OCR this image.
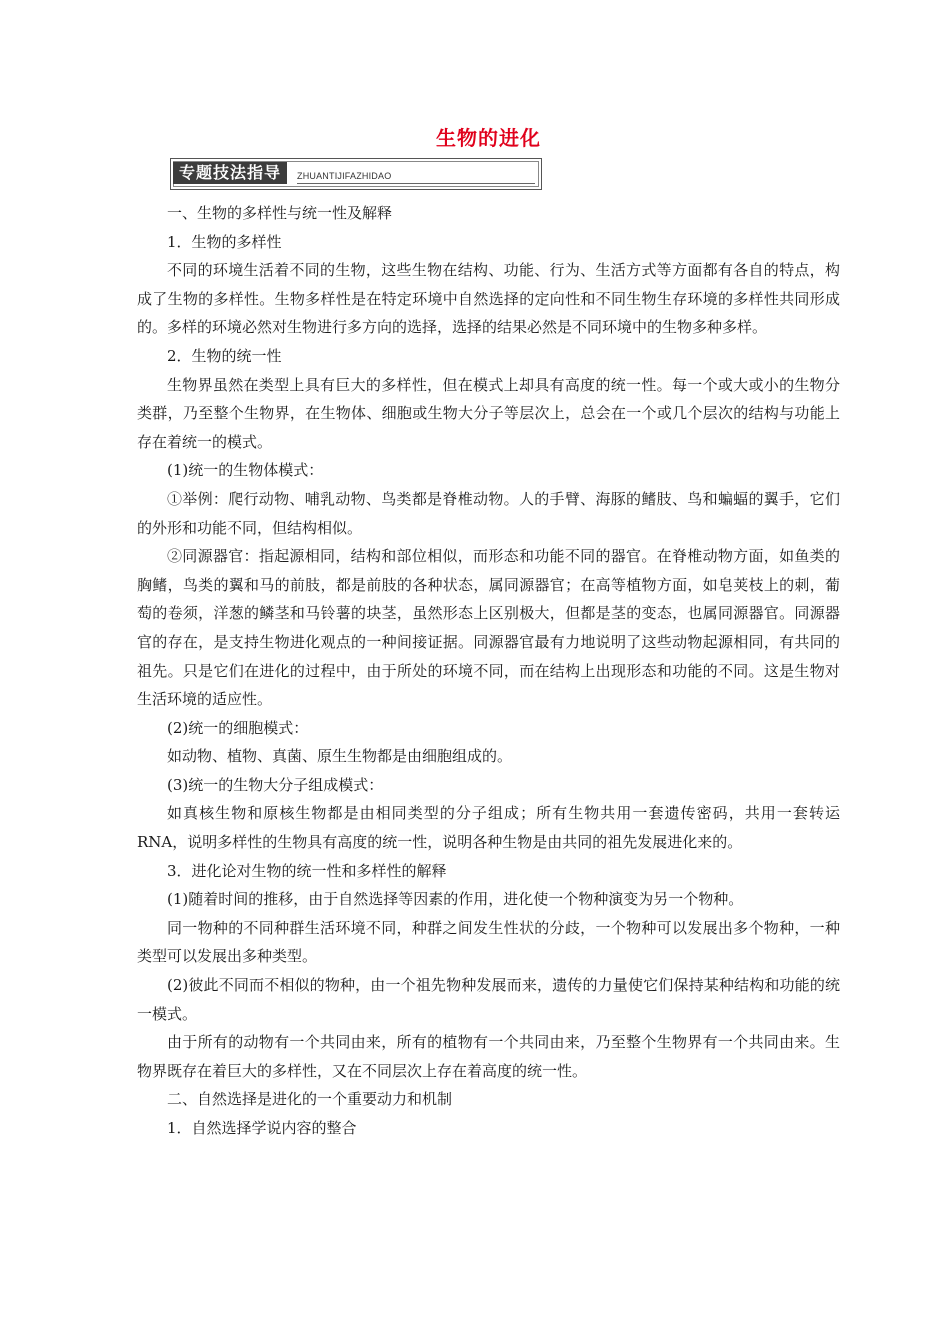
生物的进化
专题技法指导	ZHUANTIJIFAZHIDAO

一、生物的多样性与统一性及解释

1．生物的多样性

不同的环境生活着不同的生物，这些生物在结构、功能、行为、生活方式等方面都有各自的特点，构成了生物的多样性。生物多样性是在特定环境中自然选择的定向性和不同生物生存环境的多样性共同形成的。多样的环境必然对生物进行多方向的选择，选择的结果必然是不同环境中的生物多种多样。

2．生物的统一性

生物界虽然在类型上具有巨大的多样性，但在模式上却具有高度的统一性。每一个或大或小的生物分类群，乃至整个生物界，在生物体、细胞或生物大分子等层次上，总会在一个或几个层次的结构与功能上存在着统一的模式。

(1)统一的生物体模式：

①举例：爬行动物、哺乳动物、鸟类都是脊椎动物。人的手臂、海豚的鳍肢、鸟和蝙蝠的翼手，它们的外形和功能不同，但结构相似。

②同源器官：指起源相同，结构和部位相似，而形态和功能不同的器官。在脊椎动物方面，如鱼类的胸鳍，鸟类的翼和马的前肢，都是前肢的各种状态，属同源器官；在高等植物方面，如皂荚枝上的刺，葡萄的卷须，洋葱的鳞茎和马铃薯的块茎，虽然形态上区别极大，但都是茎的变态，也属同源器官。同源器官的存在，是支持生物进化观点的一种间接证据。同源器官最有力地说明了这些动物起源相同，有共同的祖先。只是它们在进化的过程中，由于所处的环境不同，而在结构上出现形态和功能的不同。这是生物对生活环境的适应性。

(2)统一的细胞模式：

如动物、植物、真菌、原生生物都是由细胞组成的。

(3)统一的生物大分子组成模式：

如真核生物和原核生物都是由相同类型的分子组成；所有生物共用一套遗传密码，共用一套转运RNA，说明多样性的生物具有高度的统一性，说明各种生物是由共同的祖先发展进化来的。

3．进化论对生物的统一性和多样性的解释

(1)随着时间的推移，由于自然选择等因素的作用，进化使一个物种演变为另一个物种。

同一物种的不同种群生活环境不同，种群之间发生性状的分歧，一个物种可以发展出多个物种，一种类型可以发展出多种类型。

(2)彼此不同而不相似的物种，由一个祖先物种发展而来，遗传的力量使它们保持某种结构和功能的统一模式。

由于所有的动物有一个共同由来，所有的植物有一个共同由来，乃至整个生物界有一个共同由来。生物界既存在着巨大的多样性，又在不同层次上存在着高度的统一性。

二、自然选择是进化的一个重要动力和机制

1．自然选择学说内容的整合
